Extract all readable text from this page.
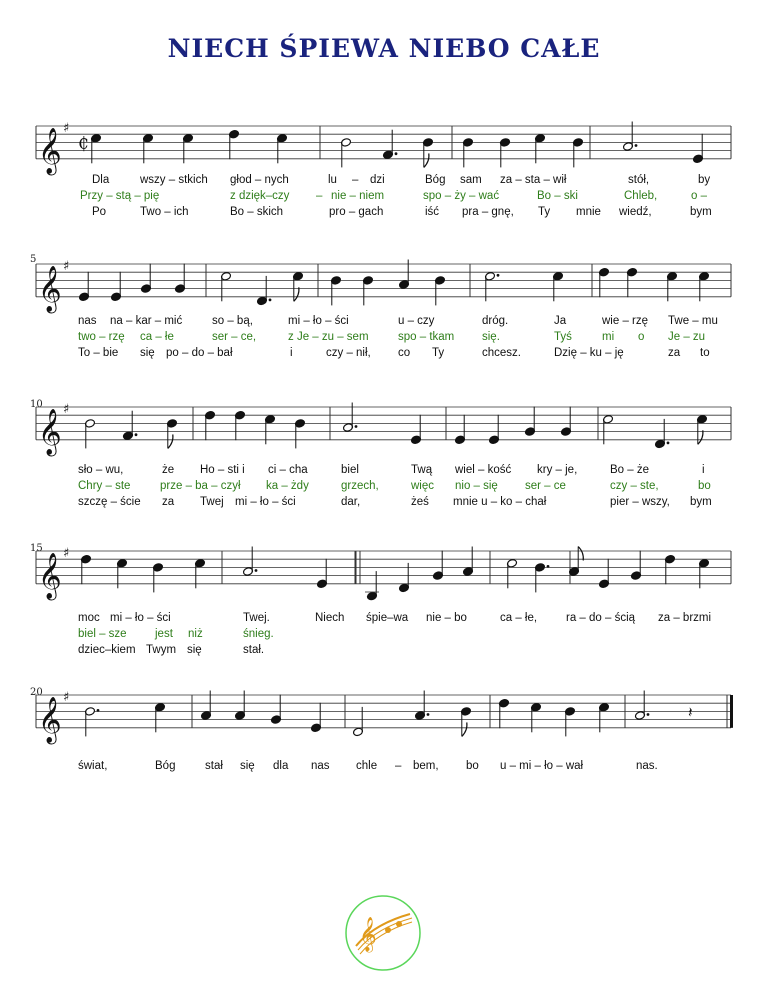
NIECH ŚPIEWA NIEBO CAŁE
𝄞 ♯
₵
𝄞 ♯
5
𝄞 ♯
10
𝄞 ♯
15
𝄞 ♯
20
𝄽
Dla	wszy – stkich głod – nych	lu – dzi	Bóg sam za – sta – wił	stół,	by
Przy – stą – pię	z dzięk–czy – nie – niem	spo – ży – wać	Bo – ski	Chleb,	o –
Po	Two – ich	Bo – skich	pro – gach	iść pra – gnę, Ty mnie wiedź,	bym
nas na – kar – mić	so – bą,	mi – ło – ści	u – czy	dróg.	Ja	wie – rzę Twe – mu
two – rzę ca – łe	ser – ce,	z Je – zu – sem	spo – tkam się.	Tyś	mi o Je – zu
To – bie się po – do – bał	i	czy – nił, co Ty	chcesz.	Dzię – ku – ję	za to
sło – wu,	że Ho – sti i ci – cha	biel	Twą wiel – kość kry – je,	Bo – że	i
Chry – ste	prze – ba – czył ka – żdy	grzech,	więc nio – się ser – ce	czy – ste,	bo
szczę – ście za Twej mi – ło – ści	dar,	żeś mnie u – ko – chał	pier – wszy, bym
moc mi – ło – ści	Twej.	Niech śpie–wa nie – bo	ca – łe,	ra – do – ścią za – brzmi
biel – sze jest niż	śnieg.
dziec–kiem Twym się	stał.
świat,	Bóg	stał się dla nas chle – bem, bo u – mi – ło – wał	nas.
𝄞
